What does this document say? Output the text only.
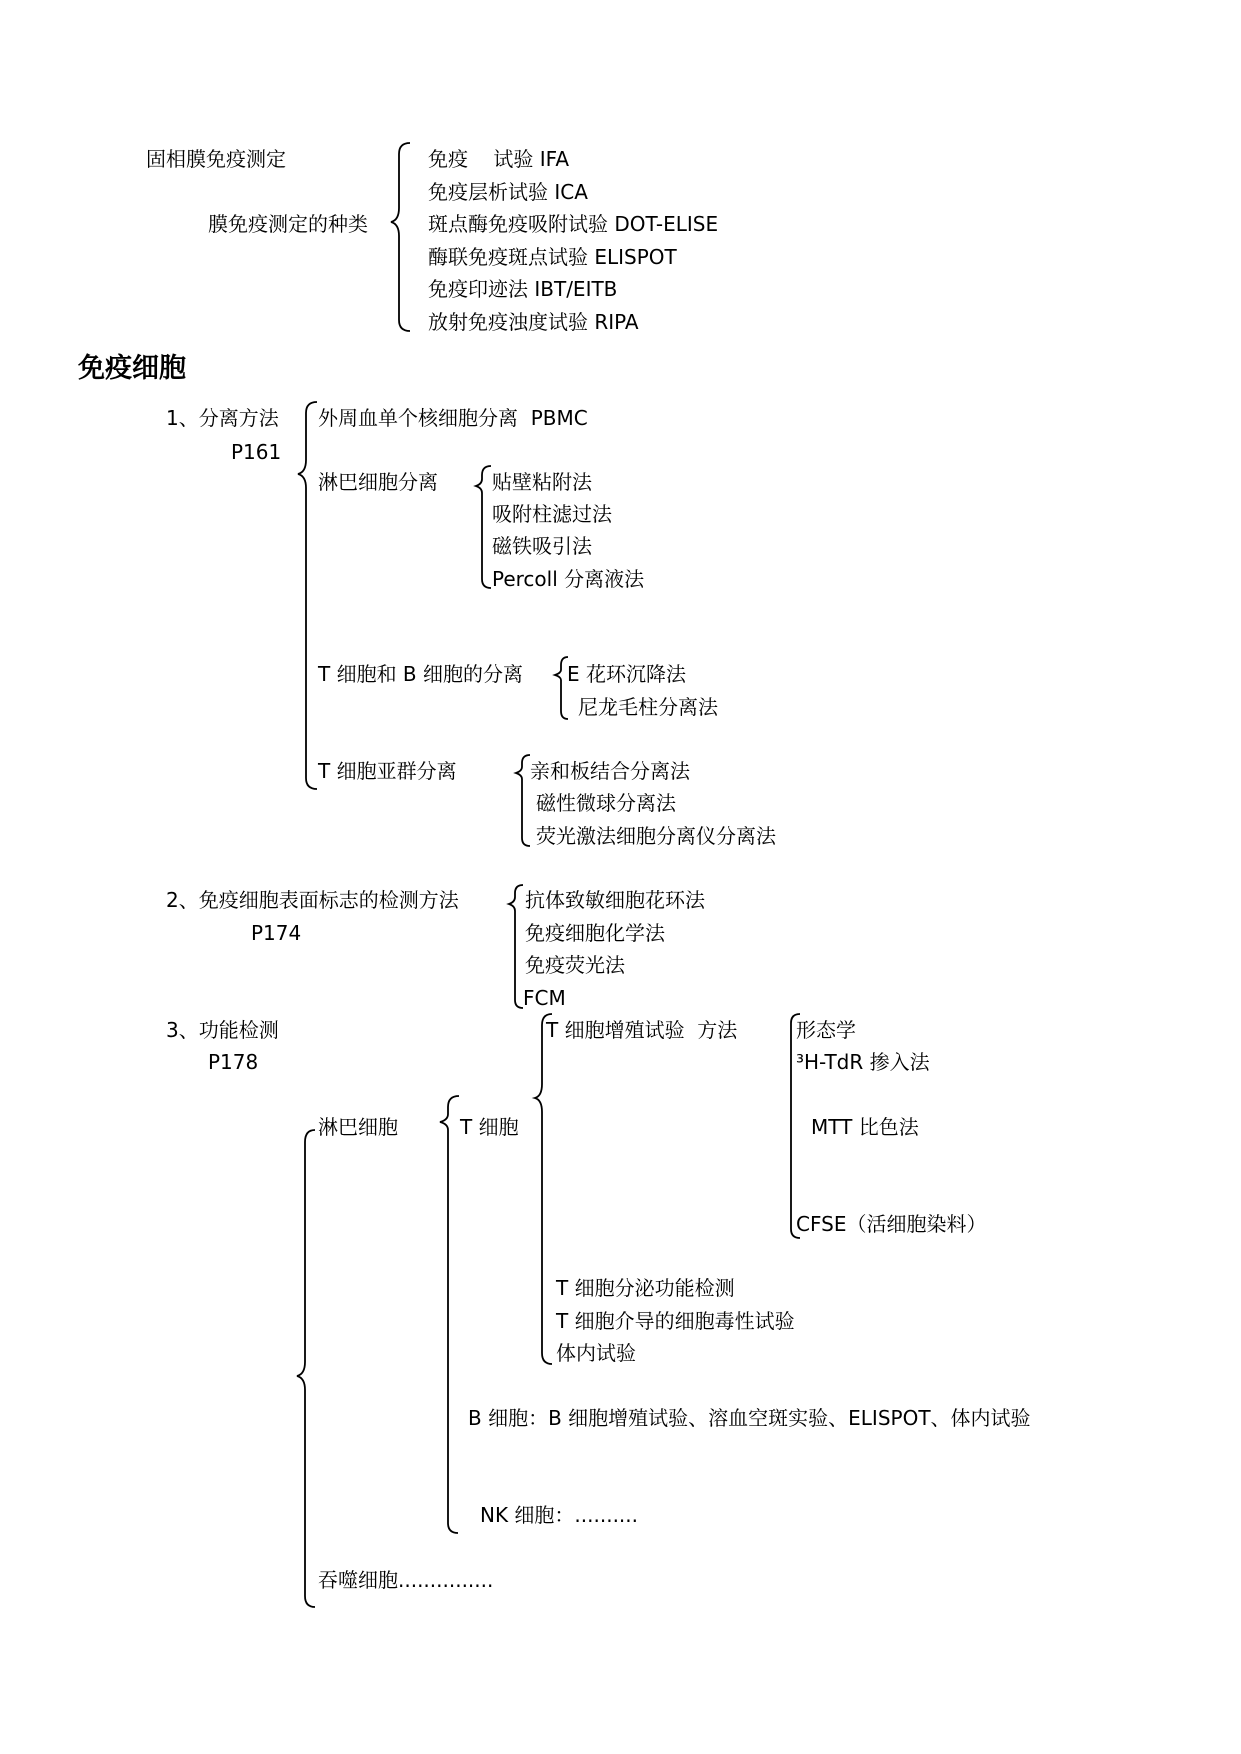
固相膜免疫测定
膜免疫测定的种类
免疫    试验 IFA
免疫层析试验 ICA
斑点酶免疫吸附试验 DOT-ELISE
酶联免疫斑点试验 ELISPOT
免疫印迹法 IBT/EITB
放射免疫浊度试验 RIPA
免疫细胞
1、分离方法
P161
外周血单个核细胞分离  PBMC
淋巴细胞分离	贴壁粘附法
吸附柱滤过法
磁铁吸引法
Percoll 分离液法
T 细胞和 B 细胞的分离 E 花环沉降法
尼龙毛柱分离法
T 细胞亚群分离	亲和板结合分离法
磁性微球分离法
荧光激法细胞分离仪分离法
2、免疫细胞表面标志的检测方法
P174
抗体致敏细胞花环法
免疫细胞化学法
免疫荧光法
FCM
3、功能检测
P178
T 细胞增殖试验  方法	形态学
³H-TdR 掺入法
MTT 比色法
CFSE（活细胞染料）
淋巴细胞	T 细胞
T 细胞分泌功能检测
T 细胞介导的细胞毒性试验
体内试验
B 细胞：B 细胞增殖试验、溶血空斑实验、ELISPOT、体内试验
NK 细胞：..........
吞噬细胞...............
